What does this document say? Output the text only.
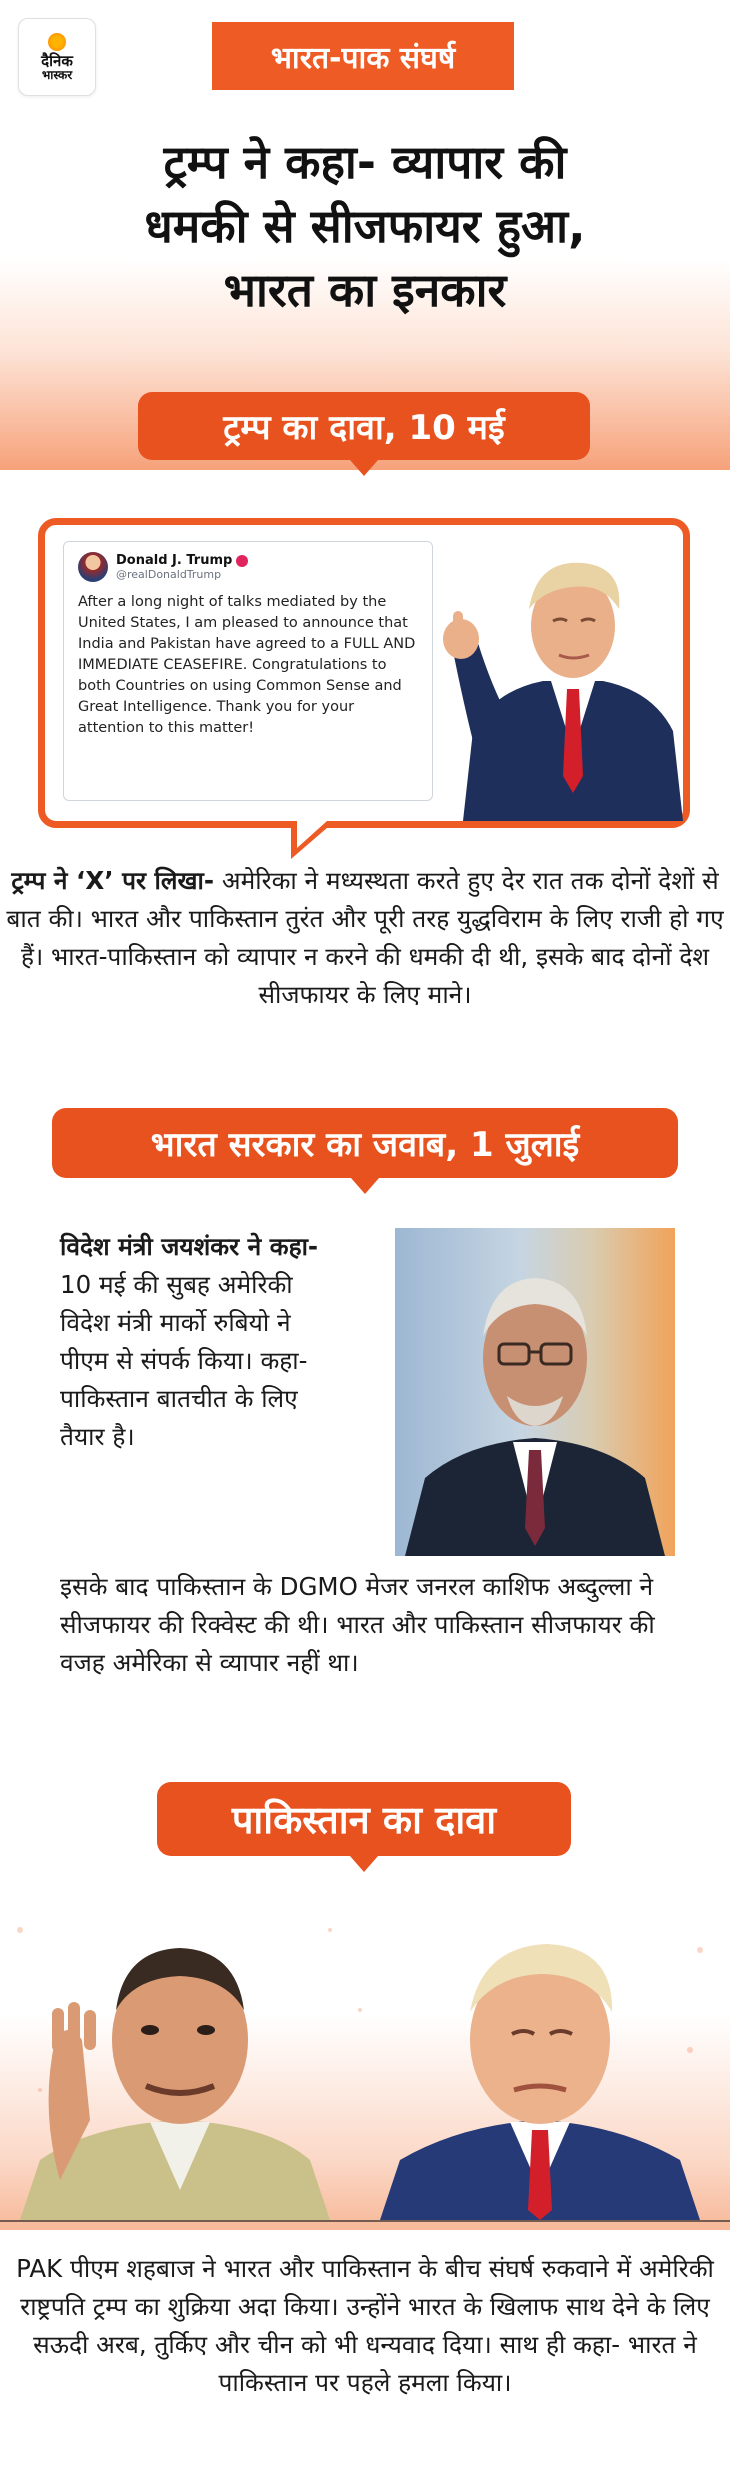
दैनिक
भास्कर	भारत-पाक संघर्ष
ट्रम्प ने कहा- व्यापार की
धमकी से सीजफायर हुआ,
भारत का इनकार
ट्रम्प का दावा, 10 मई
Donald J. Trump
@realDonaldTrump
After a long night of talks mediated by the United States, I am pleased to announce that India and Pakistan have agreed to a FULL AND IMMEDIATE CEASEFIRE. Congratulations to both Countries on using Common Sense and Great Intelligence. Thank you for your attention to this matter!
ट्रम्प ने ‘X’ पर लिखा- अमेरिका ने मध्यस्थता करते हुए देर रात तक दोनों देशों से बात की। भारत और पाकिस्तान तुरंत और पूरी तरह युद्धविराम के लिए राजी हो गए हैं। भारत-पाकिस्तान को व्यापार न करने की धमकी दी थी, इसके बाद दोनों देश सीजफायर के लिए माने।
भारत सरकार का जवाब, 1 जुलाई
विदेश मंत्री जयशंकर ने कहा- 10 मई की सुबह अमेरिकी विदेश मंत्री मार्को रुबियो ने पीएम से संपर्क किया। कहा- पाकिस्तान बातचीत के लिए तैयार है।
इसके बाद पाकिस्तान के DGMO मेजर जनरल काशिफ अब्दुल्ला ने सीजफायर की रिक्वेस्ट की थी। भारत और पाकिस्तान सीजफायर की वजह अमेरिका से व्यापार नहीं था।
पाकिस्तान का दावा
PAK पीएम शहबाज ने भारत और पाकिस्तान के बीच संघर्ष रुकवाने में अमेरिकी राष्ट्रपति ट्रम्प का शुक्रिया अदा किया। उन्होंने भारत के खिलाफ साथ देने के लिए सऊदी अरब, तुर्किए और चीन को भी धन्यवाद दिया। साथ ही कहा- भारत ने पाकिस्तान पर पहले हमला किया।
